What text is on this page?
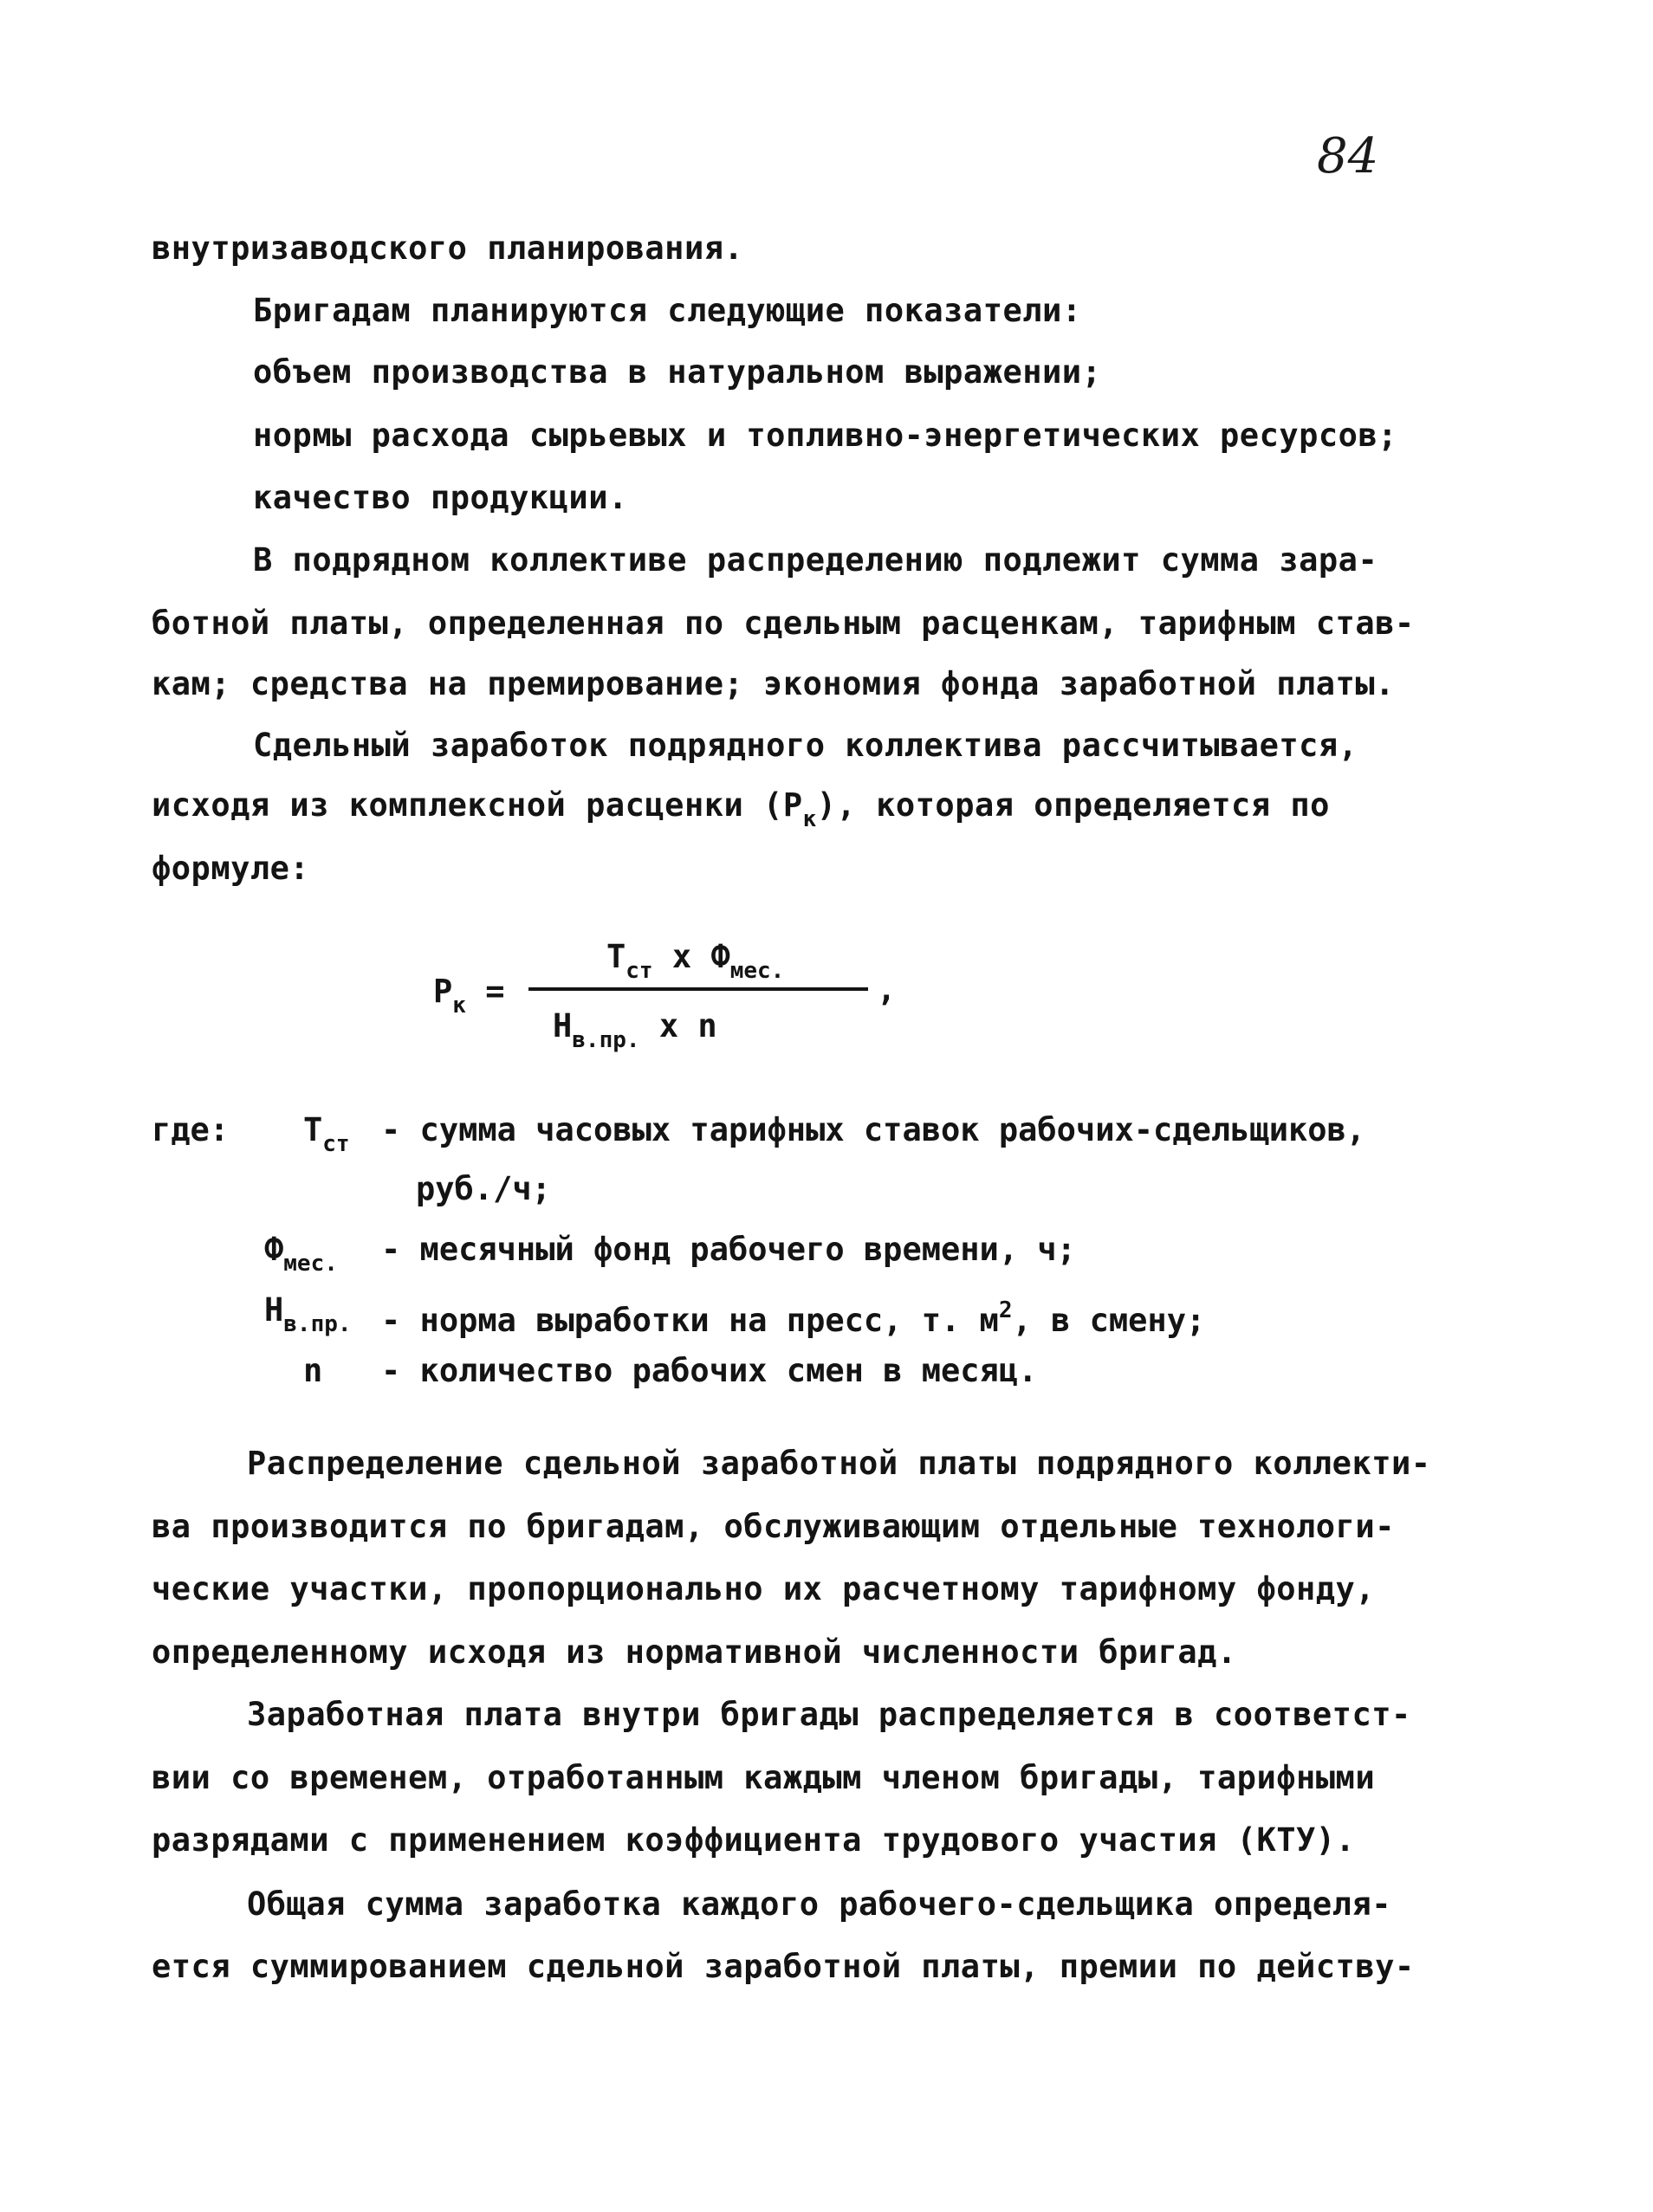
84
внутризаводского планирования.
Бригадам планируются следующие показатели:
объем производства в натуральном выражении;
нормы расхода сырьевых и топливно-энергетических ресурсов;
качество продукции.
В подрядном коллективе распределению подлежит сумма зара-
ботной платы, определенная по сдельным расценкам, тарифным став-
кам; средства на премирование; экономия фонда заработной платы.
Сдельный заработок подрядного коллектива рассчитывается,
исходя из комплексной расценки $(Р_к)$, которая определяется по
формуле:
$Р_к$ =
$Т_{ст}$ х $Ф_{мес.}$
$Н_{в.пр.}$ х n
,
где: $Т_{ст}$ - сумма часовых тарифных ставок рабочих-сдельщиков,
руб./ч;
$Ф_{мес.}$ - месячный фонд рабочего времени, ч;
$Н_{в.пр.}$ - норма выработки на пресс, т. $м^2$, в смену;
n - количество рабочих смен в месяц.
Распределение сдельной заработной платы подрядного коллекти-
ва производится по бригадам, обслуживающим отдельные технологи-
ческие участки, пропорционально их расчетному тарифному фонду,
определенному исходя из нормативной численности бригад.
Заработная плата внутри бригады распределяется в соответст-
вии со временем, отработанным каждым членом бригады, тарифными
разрядами с применением коэффициента трудового участия (КТУ).
Общая сумма заработка каждого рабочего-сдельщика определя-
ется суммированием сдельной заработной платы, премии по действу-
